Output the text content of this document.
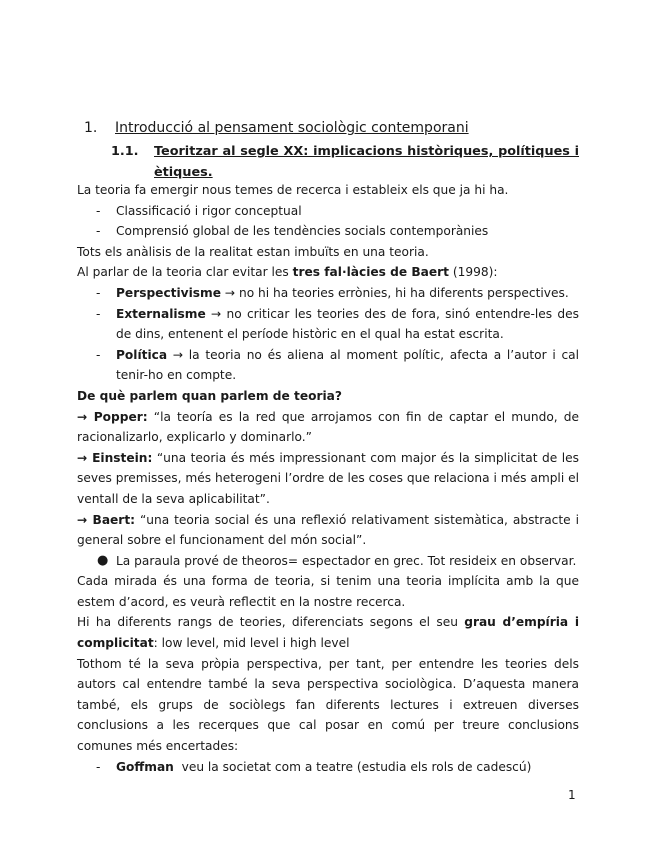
1. Introducció al pensament sociològic contemporani
1.1. Teoritzar al segle XX: implicacions històriques, polítiques i ètiques.

La teoria fa emergir nous temes de recerca i estableix els que ja hi ha.

- Classificació i rigor conceptual
- Comprensió global de les tendències socials contemporànies

Tots els anàlisis de la realitat estan imbuïts en una teoria.

Al parlar de la teoria clar evitar les tres fal·làcies de Baert (1998):

- Perspectivisme → no hi ha teories errònies, hi ha diferents perspectives.
- Externalisme → no criticar les teories des de fora, sinó entendre-les des de dins, entenent el període històric en el qual ha estat escrita.
- Política → la teoria no és aliena al moment polític, afecta a l’autor i cal tenir-ho en compte.

De què parlem quan parlem de teoria?

→ Popper: “la teoría es la red que arrojamos con fin de captar el mundo, de racionalizarlo, explicarlo y dominarlo.”

→ Einstein: “una teoria és més impressionant com major és la simplicitat de les seves premisses, més heterogeni l’ordre de les coses que relaciona i més ampli el ventall de la seva aplicabilitat”.

→ Baert: “una teoria social és una reflexió relativament sistemàtica, abstracte i general sobre el funcionament del món social”.

● La paraula prové de theoros= espectador en grec. Tot resideix en observar.

Cada mirada és una forma de teoria, si tenim una teoria implícita amb la que estem d’acord, es veurà reflectit en la nostre recerca.

Hi ha diferents rangs de teories, diferenciats segons el seu grau d’empíria i complicitat: low level, mid level i high level

Tothom té la seva pròpia perspectiva, per tant, per entendre les teories dels autors cal entendre també la seva perspectiva sociològica. D’aquesta manera també, els grups de sociòlegs fan diferents lectures i extreuen diverses conclusions a les recerques que cal posar en comú per treure conclusions comunes més encertades:

- Goffman  veu la societat com a teatre (estudia els rols de cadescú)
1
